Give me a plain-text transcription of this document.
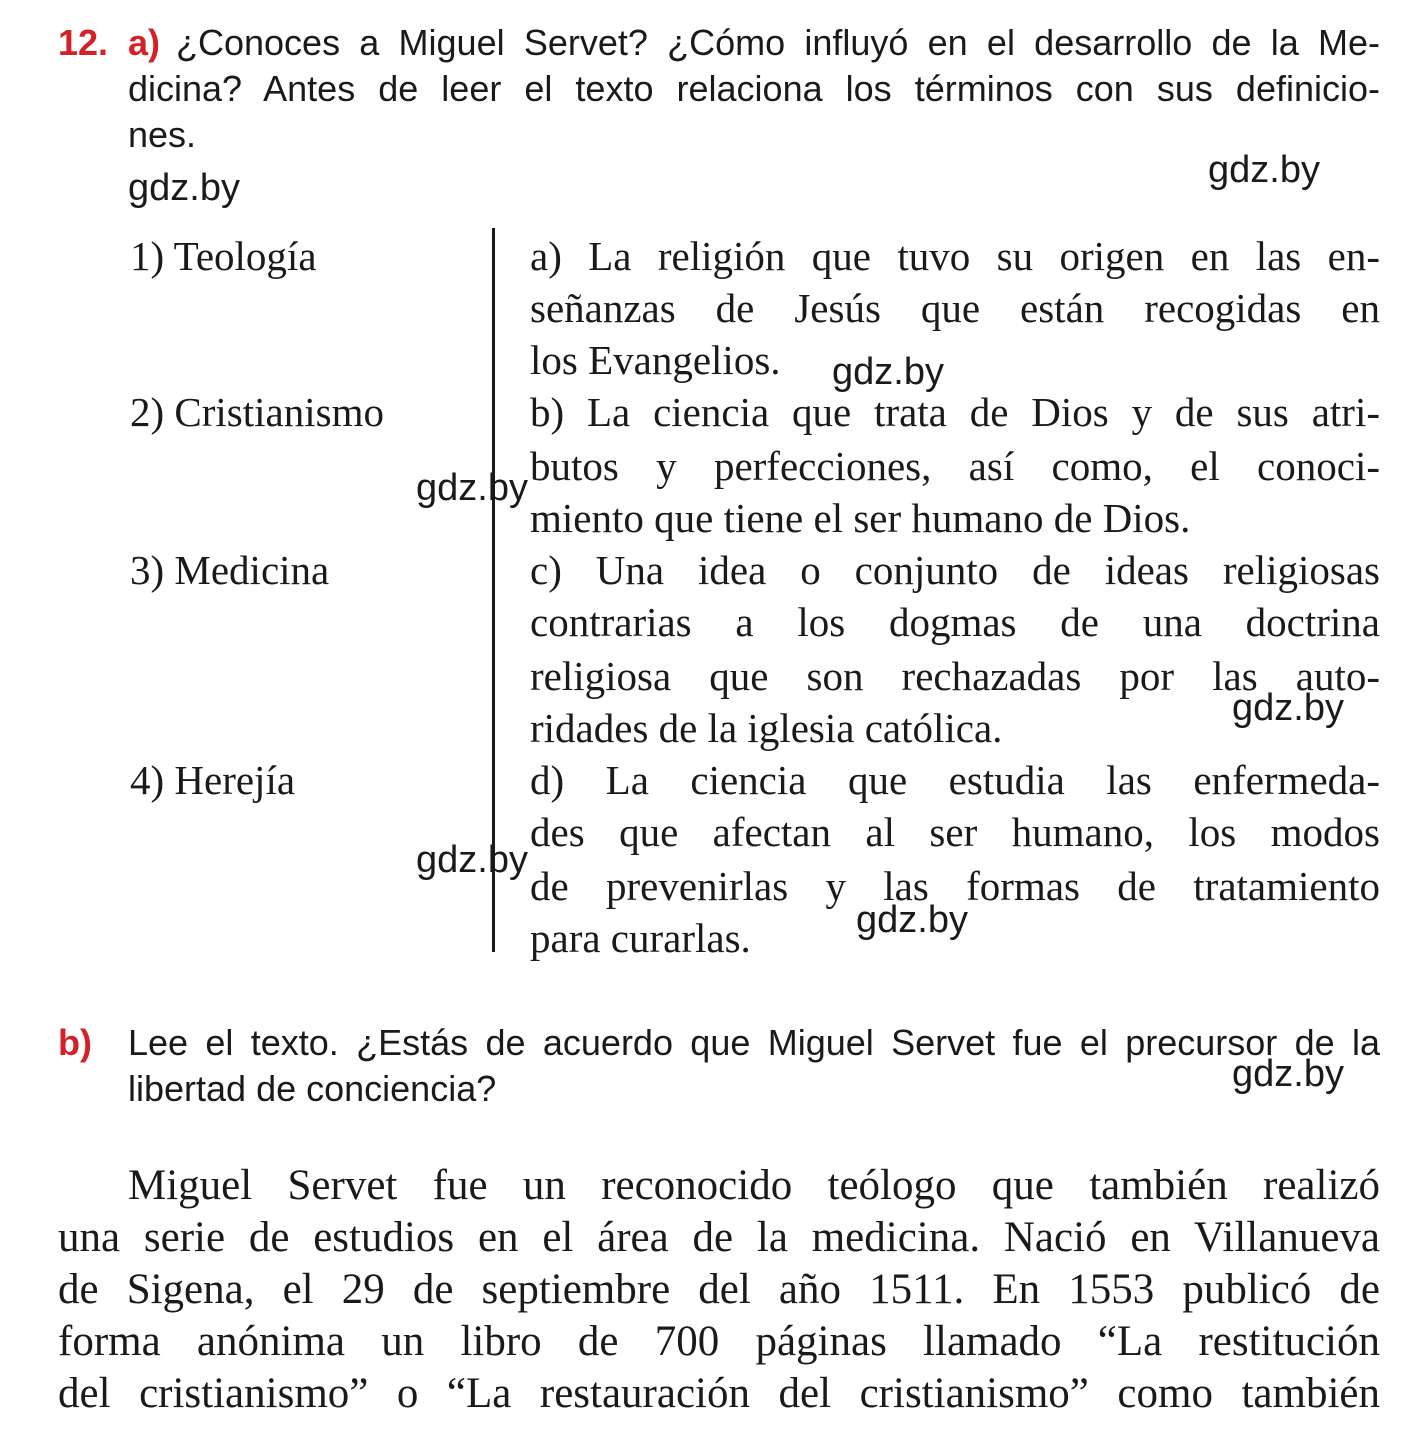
12. a) ¿Conoces a Miguel Servet? ¿Cómo influyó en el desarrollo de la Me-
dicina? Antes de leer el texto relaciona los términos con sus definicio-
nes.
1) Teología
2) Cristianismo
3) Medicina
4) Herejía
a) La religión que tuvo su origen en las en-
señanzas de Jesús que están recogidas en
los Evangelios.
b) La ciencia que trata de Dios y de sus atri-
butos y perfecciones, así como, el conoci-
miento que tiene el ser humano de Dios.
c) Una idea o conjunto de ideas religiosas
contrarias a los dogmas de una doctrina
religiosa que son rechazadas por las auto-
ridades de la iglesia católica.
d) La ciencia que estudia las enfermeda-
des que afectan al ser humano, los modos
de prevenirlas y las formas de tratamiento
para curarlas.
b) Lee el texto. ¿Estás de acuerdo que Miguel Servet fue el precursor de la
libertad de conciencia?
Miguel Servet fue un reconocido teólogo que también realizó
una serie de estudios en el área de la medicina. Nació en Villanueva
de Sigena, el 29 de septiembre del año 1511. En 1553 publicó de
forma anónima un libro de 700 páginas llamado “La restitución
del cristianismo” o “La restauración del cristianismo” como también
gdz.by	gdz.by
gdz.by
gdz.by
gdz.by
gdz.by
gdz.by
gdz.by
